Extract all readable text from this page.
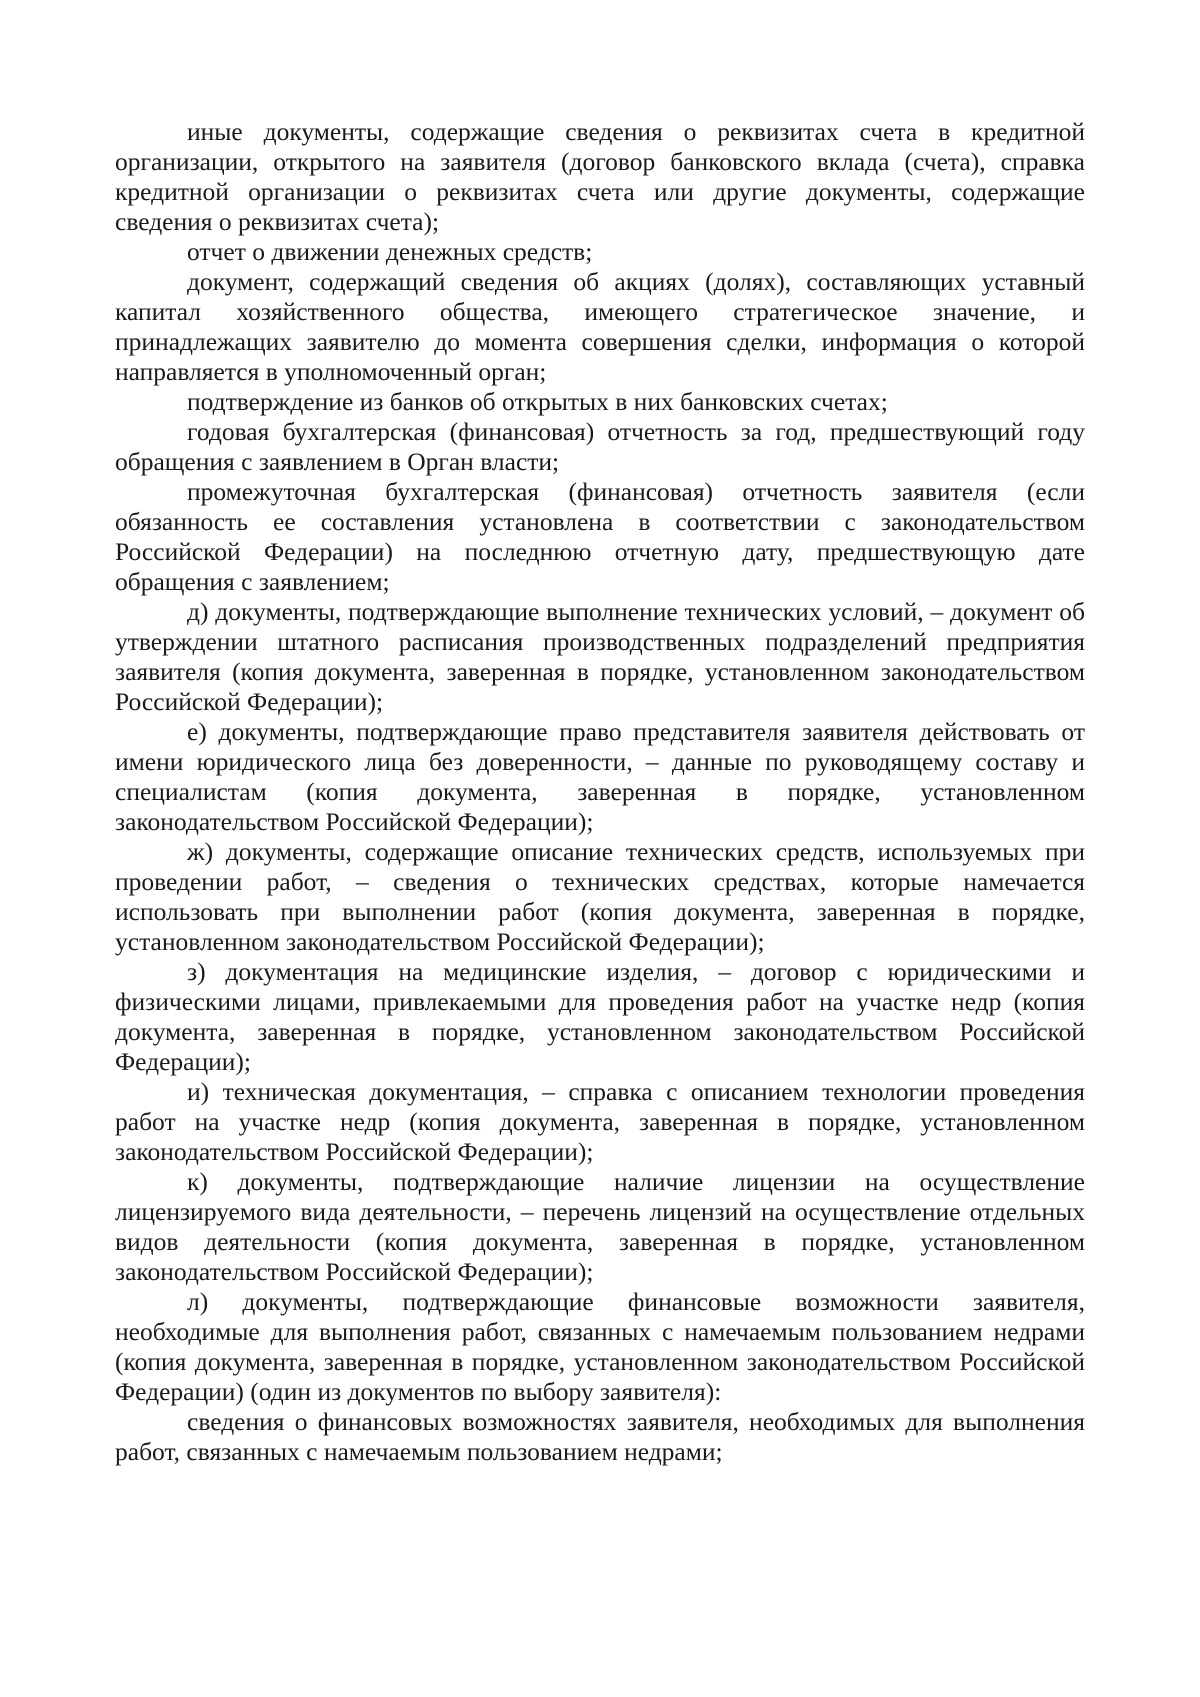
иные документы, содержащие сведения о реквизитах счета в кредитной организации, открытого на заявителя (договор банковского вклада (счета), справка кредитной организации о реквизитах счета или другие документы, содержащие сведения о реквизитах счета);

отчет о движении денежных средств;

документ, содержащий сведения об акциях (долях), составляющих уставный капитал хозяйственного общества, имеющего стратегическое значение, и принадлежащих заявителю до момента совершения сделки, информация о которой направляется в уполномоченный орган;

подтверждение из банков об открытых в них банковских счетах;

годовая бухгалтерская (финансовая) отчетность за год, предшествующий году обращения с заявлением в Орган власти;

промежуточная бухгалтерская (финансовая) отчетность заявителя (если обязанность ее составления установлена в соответствии с законодательством Российской Федерации) на последнюю отчетную дату, предшествующую дате обращения с заявлением;

д) документы, подтверждающие выполнение технических условий, – документ об утверждении штатного расписания производственных подразделений предприятия заявителя (копия документа, заверенная в порядке, установленном законодательством Российской Федерации);

е) документы, подтверждающие право представителя заявителя действовать от имени юридического лица без доверенности, – данные по руководящему составу и специалистам (копия документа, заверенная в порядке, установленном законодательством Российской Федерации);

ж) документы, содержащие описание технических средств, используемых при проведении работ, – сведения о технических средствах, которые намечается использовать при выполнении работ (копия документа, заверенная в порядке, установленном законодательством Российской Федерации);

з) документация на медицинские изделия, – договор с юридическими и физическими лицами, привлекаемыми для проведения работ на участке недр (копия документа, заверенная в порядке, установленном законодательством Российской Федерации);

и) техническая документация, – справка с описанием технологии проведения работ на участке недр (копия документа, заверенная в порядке, установленном законодательством Российской Федерации);

к) документы, подтверждающие наличие лицензии на осуществление лицензируемого вида деятельности, – перечень лицензий на осуществление отдельных видов деятельности (копия документа, заверенная в порядке, установленном законодательством Российской Федерации);

л) документы, подтверждающие финансовые возможности заявителя, необходимые для выполнения работ, связанных с намечаемым пользованием недрами (копия документа, заверенная в порядке, установленном законодательством Российской Федерации) (один из документов по выбору заявителя):

сведения о финансовых возможностях заявителя, необходимых для выполнения работ, связанных с намечаемым пользованием недрами;
